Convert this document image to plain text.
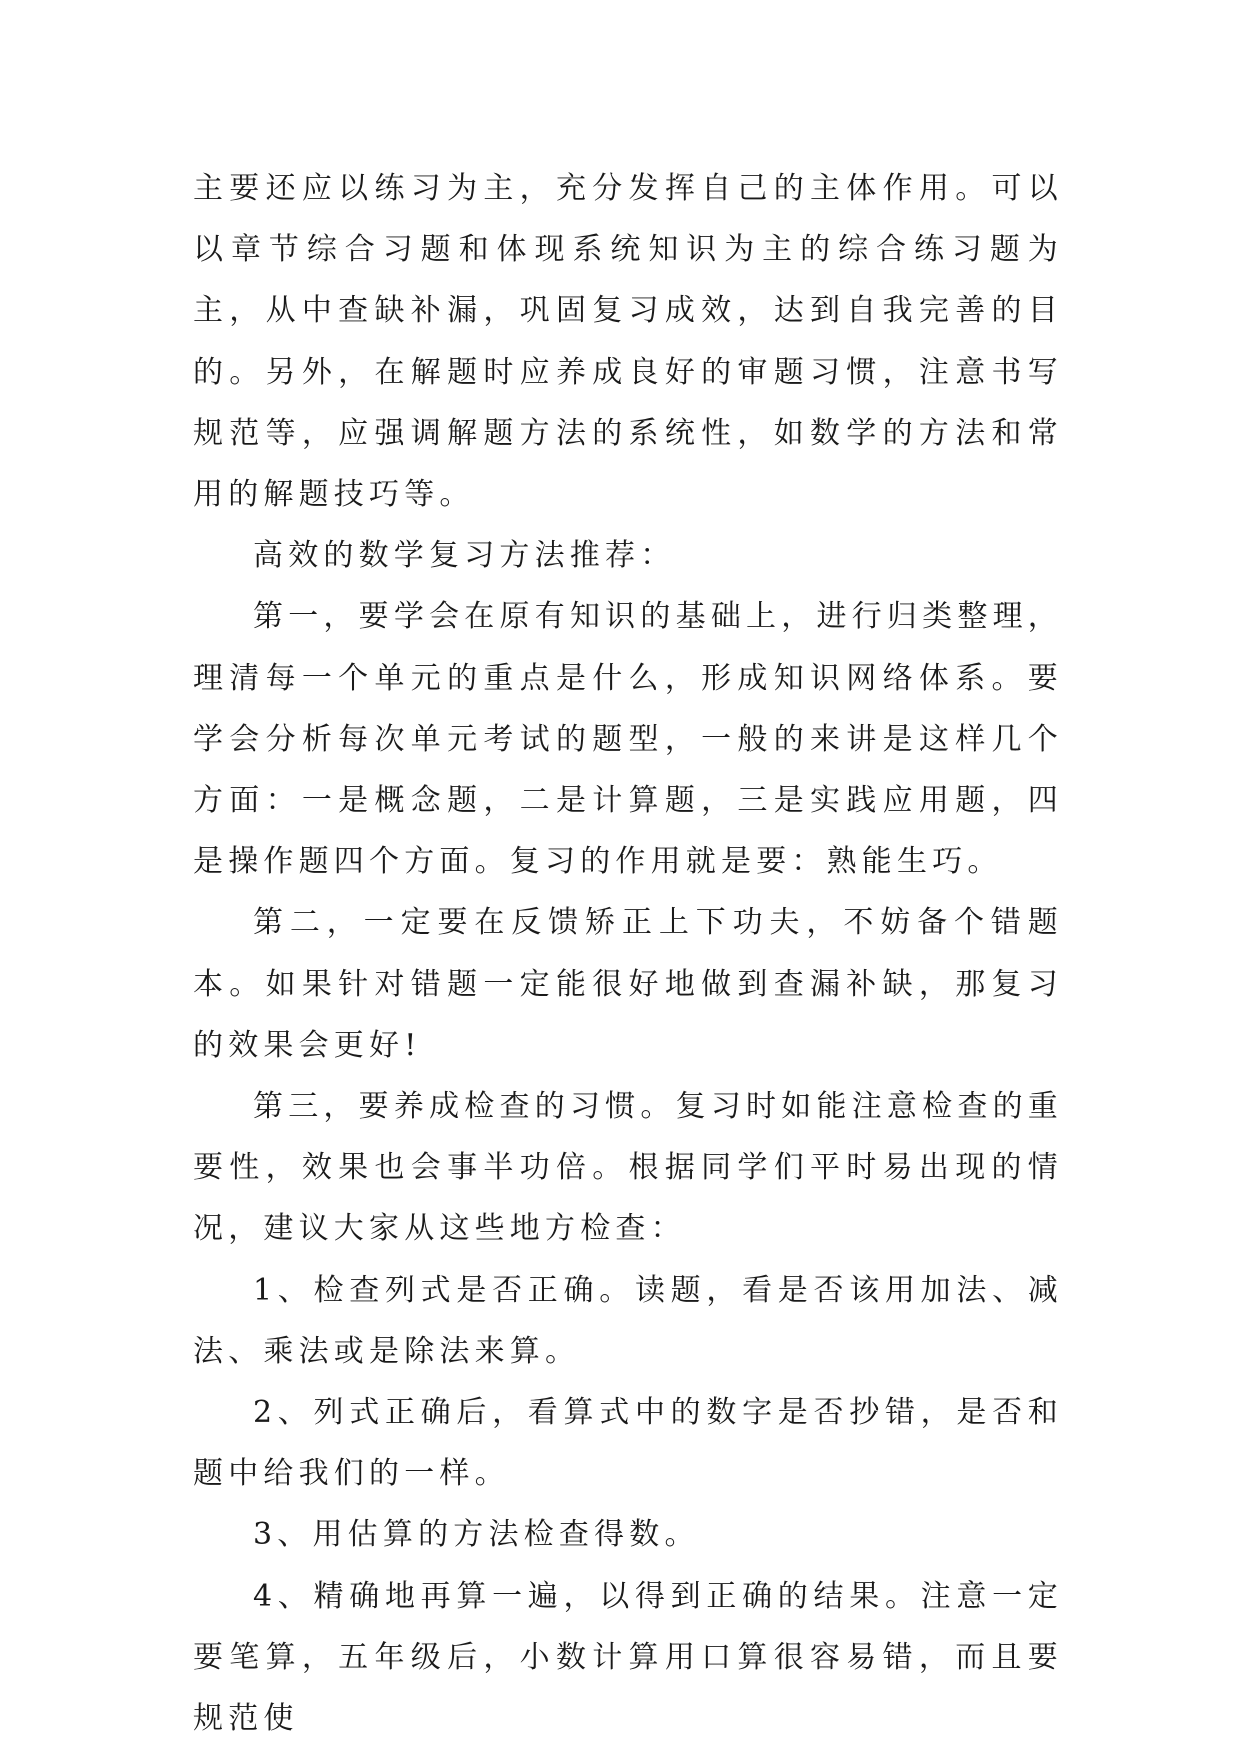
主要还应以练习为主，充分发挥自己的主体作用。可以以章节综合习题和体现系统知识为主的综合练习题为主，从中查缺补漏，巩固复习成效，达到自我完善的目的。另外，在解题时应养成良好的审题习惯，注意书写规范等，应强调解题方法的系统性，如数学的方法和常用的解题技巧等。

高效的数学复习方法推荐：

第一，要学会在原有知识的基础上，进行归类整理，理清每一个单元的重点是什么，形成知识网络体系。要学会分析每次单元考试的题型，一般的来讲是这样几个方面：一是概念题，二是计算题，三是实践应用题，四是操作题四个方面。复习的作用就是要：熟能生巧。

第二，一定要在反馈矫正上下功夫，不妨备个错题本。如果针对错题一定能很好地做到查漏补缺，那复习的效果会更好!

第三，要养成检查的习惯。复习时如能注意检查的重要性，效果也会事半功倍。根据同学们平时易出现的情况，建议大家从这些地方检查：

1、检查列式是否正确。读题，看是否该用加法、减法、乘法或是除法来算。

2、列式正确后，看算式中的数字是否抄错，是否和题中给我们的一样。

3、用估算的方法检查得数。

4、精确地再算一遍，以得到正确的结果。注意一定要笔算，五年级后，小数计算用口算很容易错，而且要规范使
